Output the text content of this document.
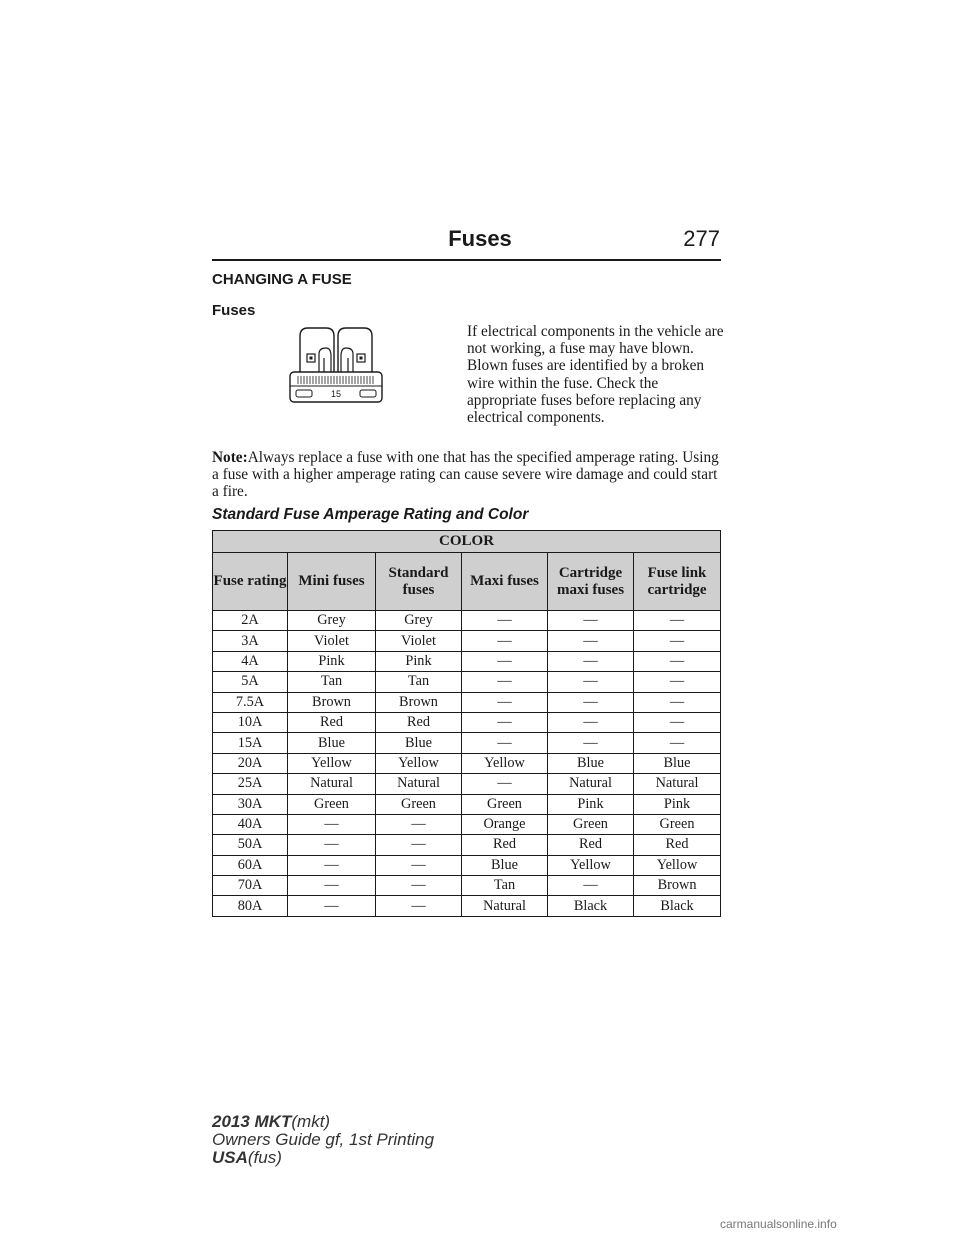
Fuses	277
CHANGING A FUSE
Fuses
15
If electrical components in the vehicle are not working, a fuse may have blown. Blown fuses are identified by a broken wire within the fuse. Check the appropriate fuses before replacing any electrical components.
Note:Always replace a fuse with one that has the specified amperage rating. Using a fuse with a higher amperage rating can cause severe wire damage and could start a fire.
Standard Fuse Amperage Rating and Color
COLOR					
Fuse rating	Mini fuses	Standard fuses	Maxi fuses	Cartridge maxi fuses	Fuse link cartridge
2A	Grey	Grey	—	—	—
3A	Violet	Violet	—	—	—
4A	Pink	Pink	—	—	—
5A	Tan	Tan	—	—	—
7.5A	Brown	Brown	—	—	—
10A	Red	Red	—	—	—
15A	Blue	Blue	—	—	—
20A	Yellow	Yellow	Yellow	Blue	Blue
25A	Natural	Natural	—	Natural	Natural
30A	Green	Green	Green	Pink	Pink
40A	—	—	Orange	Green	Green
50A	—	—	Red	Red	Red
60A	—	—	Blue	Yellow	Yellow
70A	—	—	Tan	—	Brown
80A	—	—	Natural	Black	Black
2013 MKT(mkt)
Owners Guide gf, 1st Printing
USA(fus)
carmanualsonline.info
